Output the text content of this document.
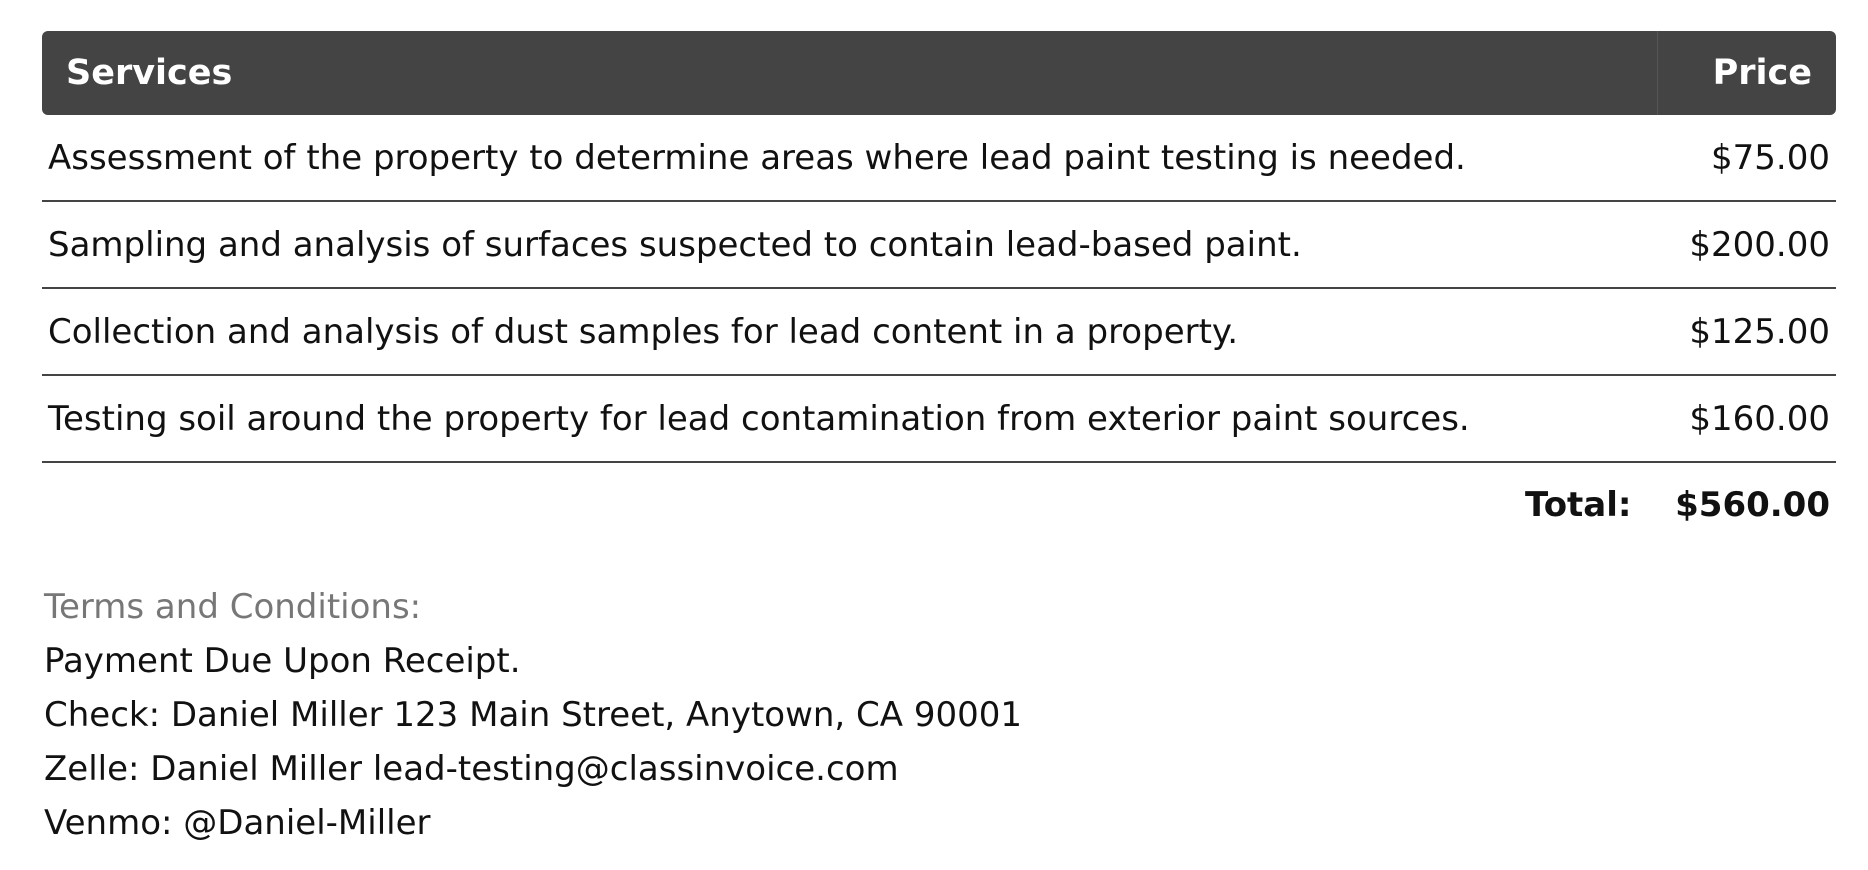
Services	Price
Assessment of the property to determine areas where lead paint testing is needed.	$75.00
Sampling and analysis of surfaces suspected to contain lead-based paint.	$200.00
Collection and analysis of dust samples for lead content in a property.	$125.00
Testing soil around the property for lead contamination from exterior paint sources.	$160.00
Total:	$560.00
Terms and Conditions:
Payment Due Upon Receipt.
Check: Daniel Miller 123 Main Street, Anytown, CA 90001
Zelle: Daniel Miller lead-testing@classinvoice.com
Venmo: @Daniel-Miller
